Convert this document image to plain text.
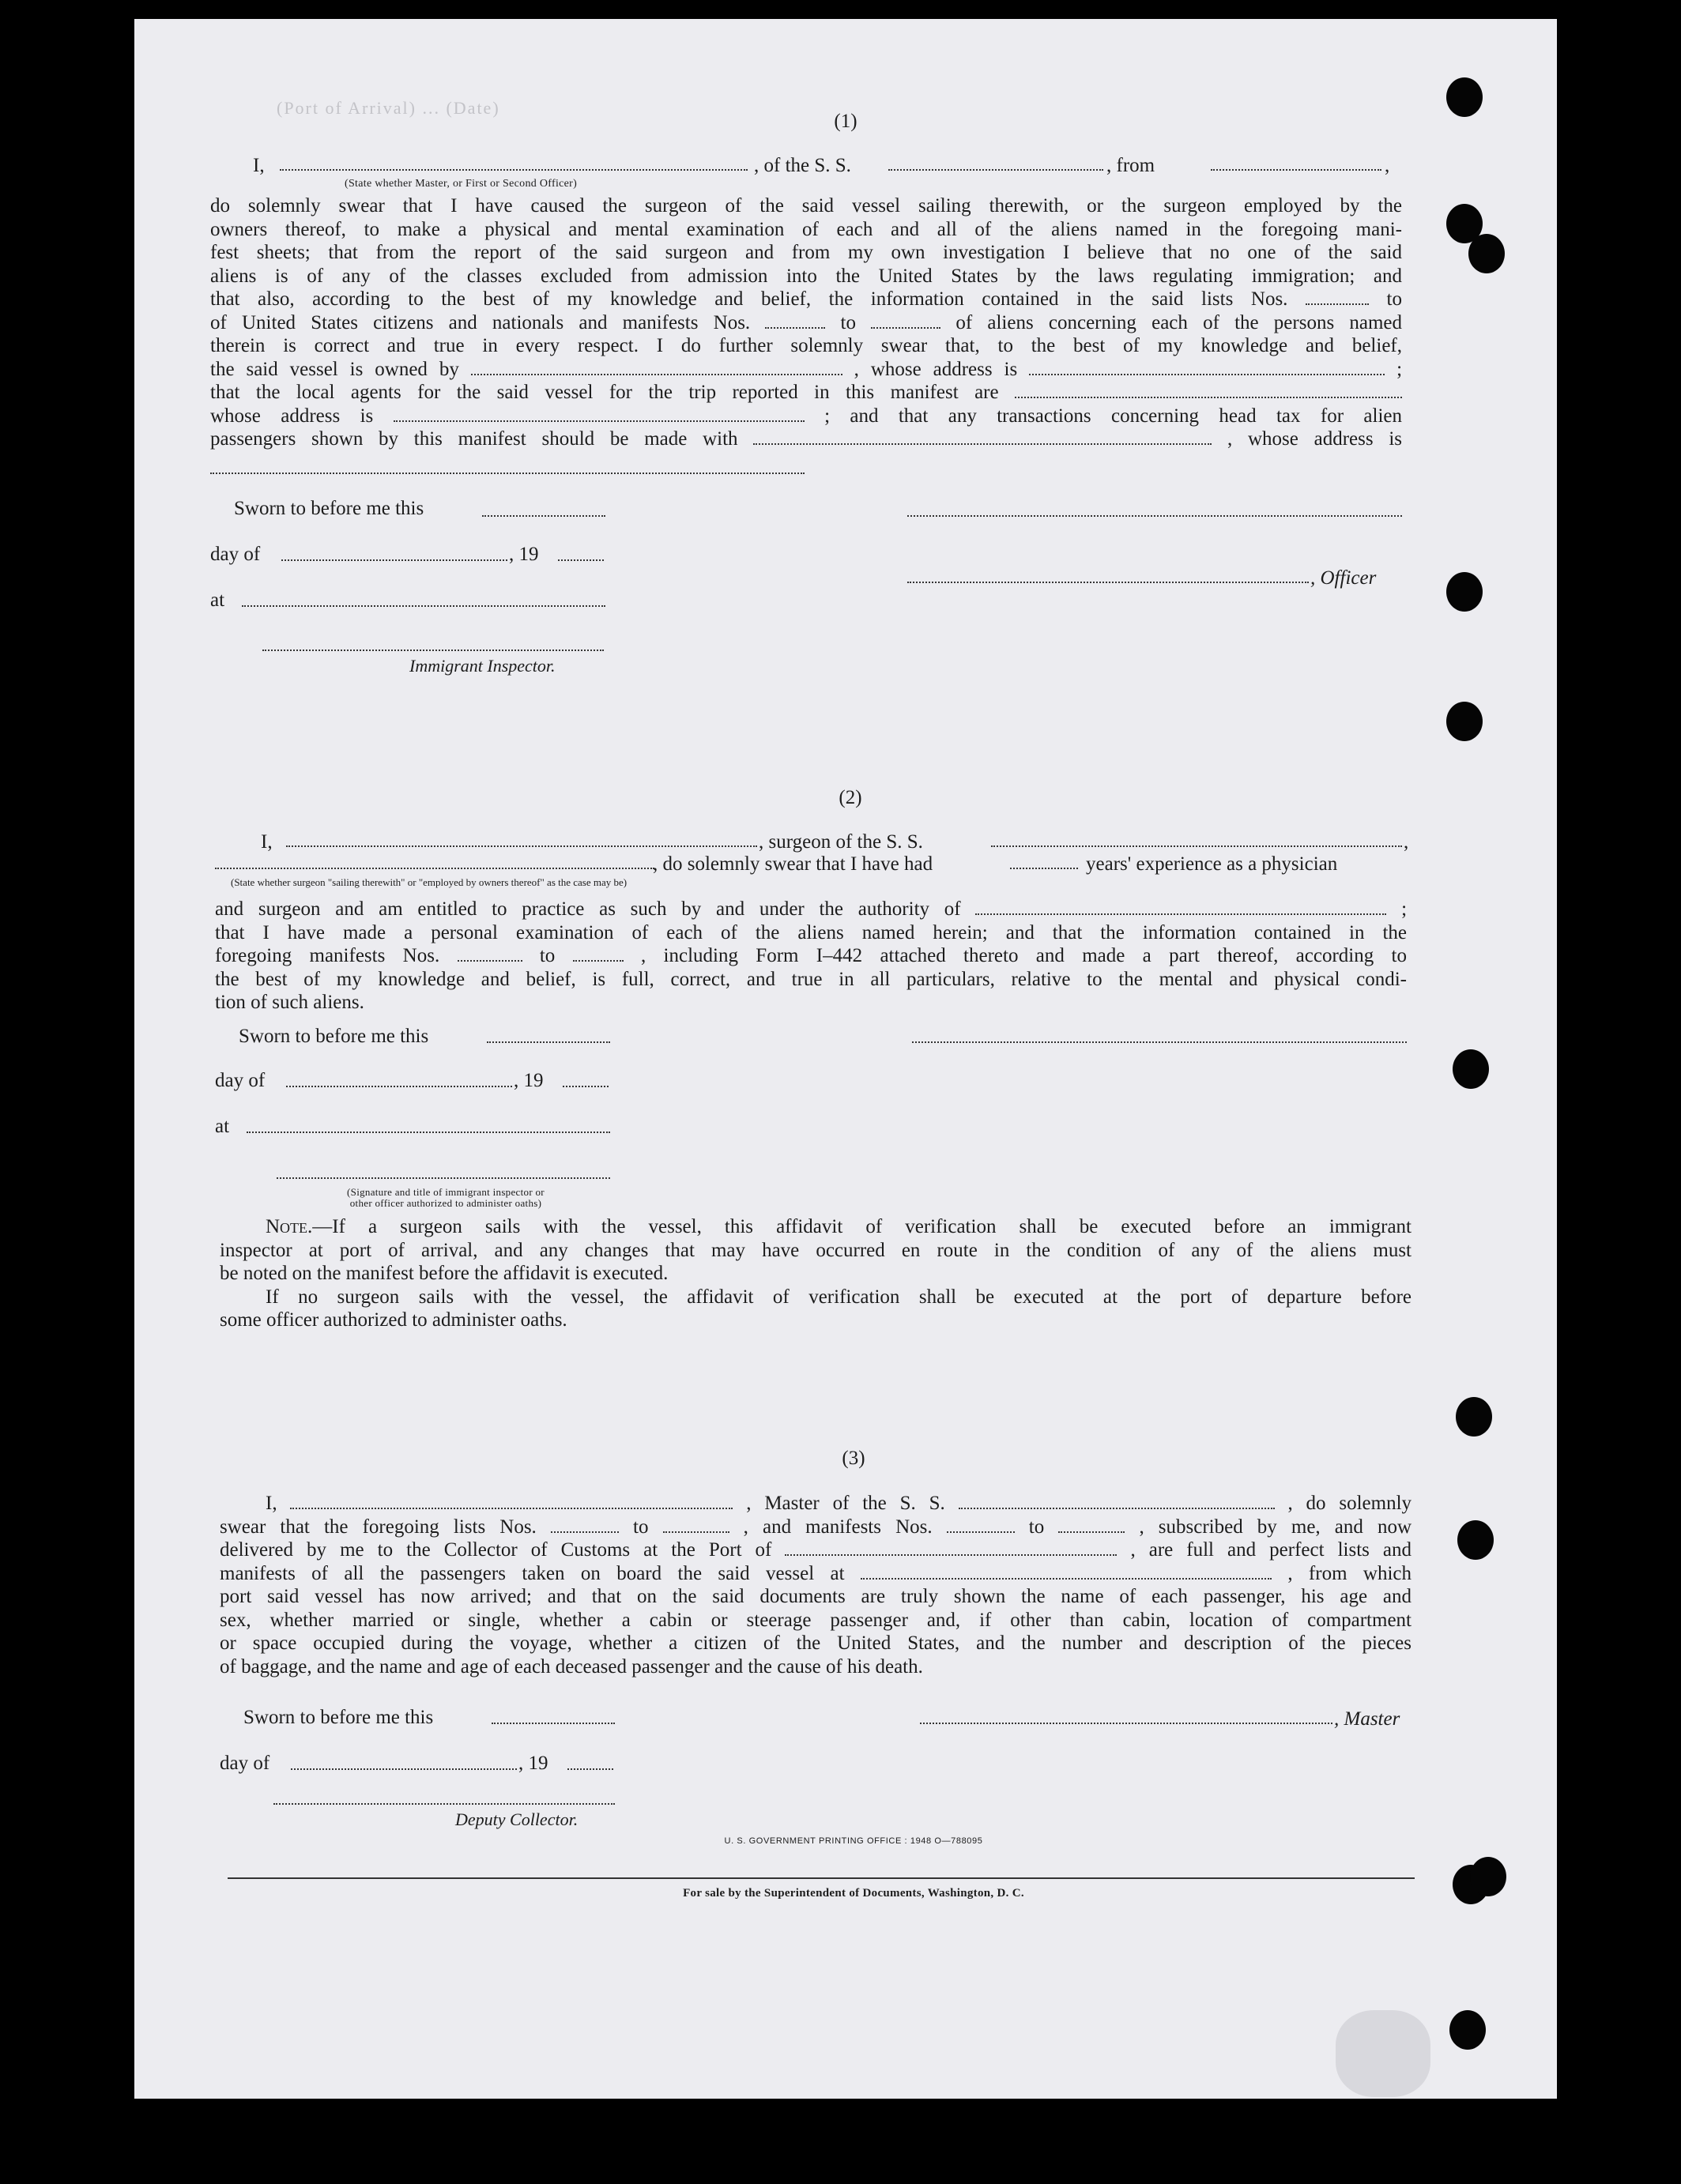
(Port of Arrival) ... (Date)
(1)
I,	, of the S. S.	, from	,
(State whether Master, or First or Second Officer)
do solemnly swear that I have caused the surgeon of the said vessel sailing therewith, or the surgeon employed by the
owners thereof, to make a physical and mental examination of each and all of the aliens named in the foregoing mani-
fest sheets; that from the report of the said surgeon and from my own investigation I believe that no one of the said
aliens is of any of the classes excluded from admission into the United States by the laws regulating immigration; and
that also, according to the best of my knowledge and belief, the information contained in the said lists Nos.	to
of United States citizens and nationals and manifests Nos.	to	of aliens concerning each of the persons named
therein is correct and true in every respect. I do further solemnly swear that, to the best of my knowledge and belief,
the said vessel is owned by	, whose address is	;
that the local agents for the said vessel for the trip reported in this manifest are
whose address is	; and that any transactions concerning head tax for alien
passengers shown by this manifest should be made with	, whose address is
Sworn to before me this
day of	, 19
, Officer
at
Immigrant Inspector.
(2)
I,	, surgeon of the S. S.	,
, do solemnly swear that I have had	years' experience as a physician
(State whether surgeon "sailing therewith" or "employed by owners thereof" as the case may be)
and surgeon and am entitled to practice as such by and under the authority of	;
that I have made a personal examination of each of the aliens named herein; and that the information contained in the
foregoing manifests Nos.	to	, including Form I–442 attached thereto and made a part thereof, according to
the best of my knowledge and belief, is full, correct, and true in all particulars, relative to the mental and physical condi-
tion of such aliens.
Sworn to before me this
day of	, 19
at
(Signature and title of immigrant inspector or
other officer authorized to administer oaths)
Note.—If a surgeon sails with the vessel, this affidavit of verification shall be executed before an immigrant
inspector at port of arrival, and any changes that may have occurred en route in the condition of any of the aliens must
be noted on the manifest before the affidavit is executed.
If no surgeon sails with the vessel, the affidavit of verification shall be executed at the port of departure before
some officer authorized to administer oaths.
(3)
I,	, Master of the S. S.	, do solemnly
swear that the foregoing lists Nos.	to	, and manifests Nos.	to	, subscribed by me, and now
delivered by me to the Collector of Customs at the Port of	, are full and perfect lists and
manifests of all the passengers taken on board the said vessel at	, from which
port said vessel has now arrived; and that on the said documents are truly shown the name of each passenger, his age and
sex, whether married or single, whether a cabin or steerage passenger and, if other than cabin, location of compartment
or space occupied during the voyage, whether a citizen of the United States, and the number and description of the pieces
of baggage, and the name and age of each deceased passenger and the cause of his death.
Sworn to before me this	, Master
day of	, 19
Deputy Collector.
U. S. GOVERNMENT PRINTING OFFICE : 1948 O—788095
For sale by the Superintendent of Documents, Washington, D. C.
